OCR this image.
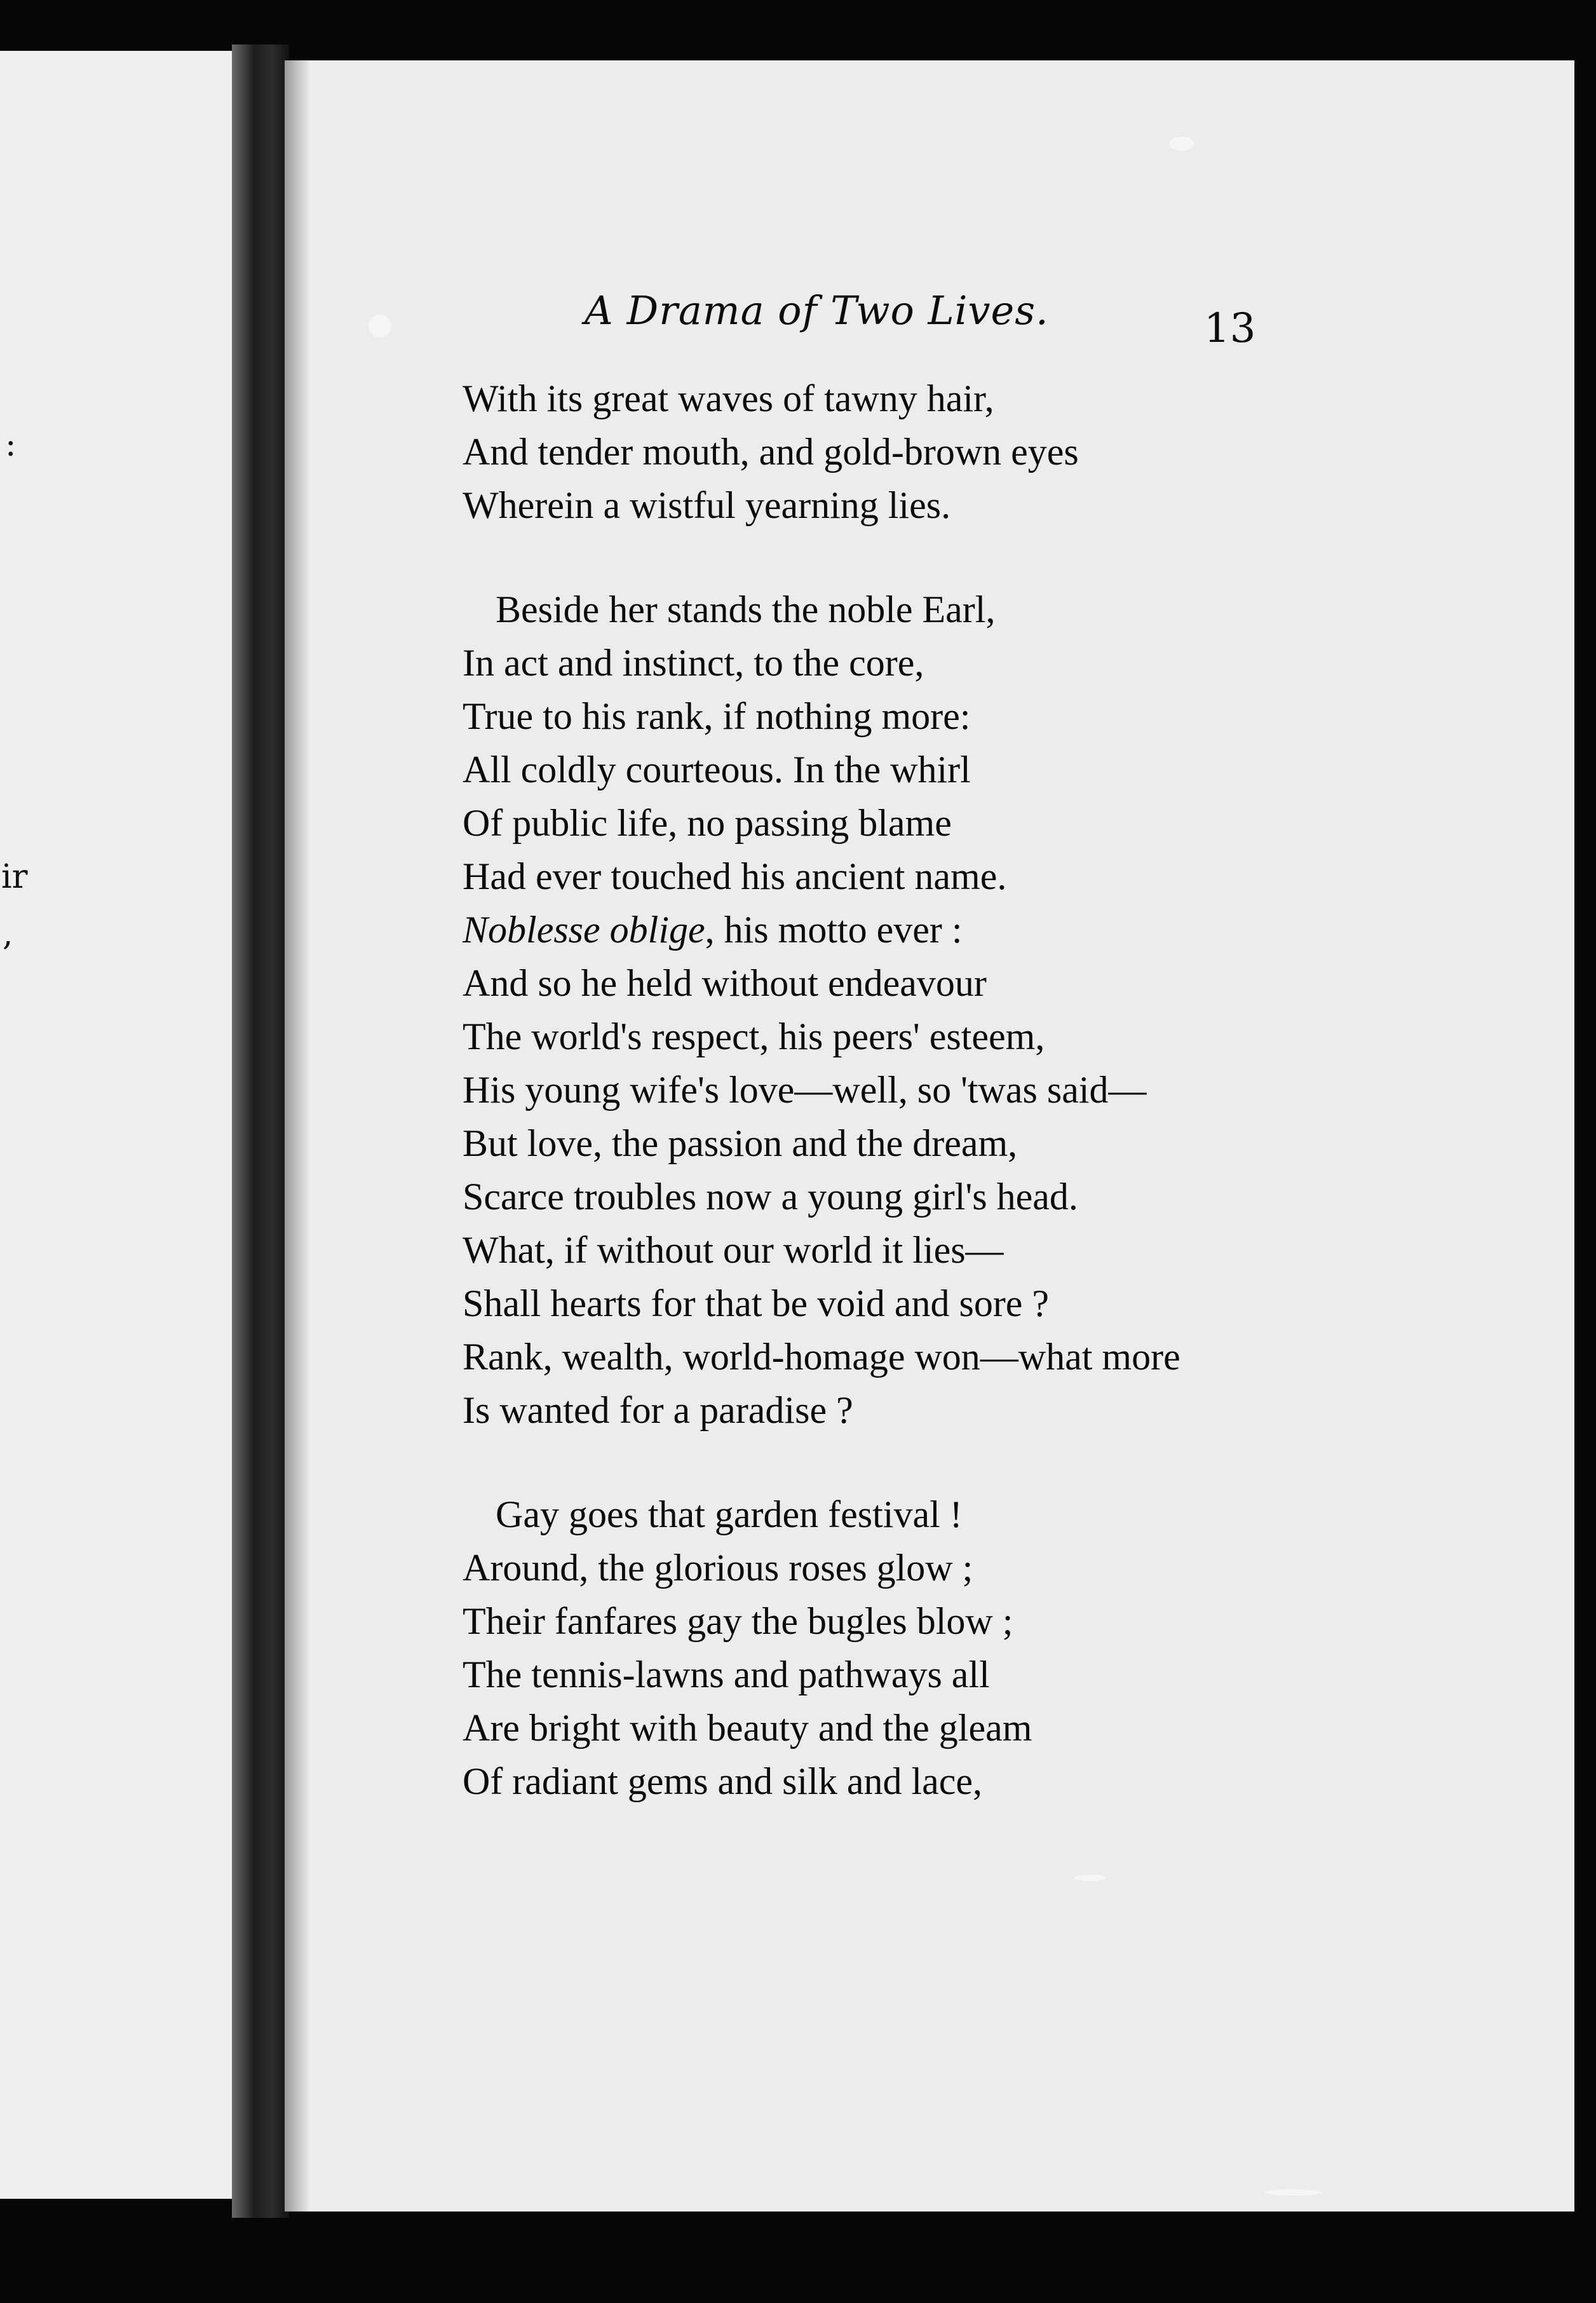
:
ir
,
A Drama of Two Lives.	13
With its great waves of tawny hair,
And tender mouth, and gold-brown eyes
Wherein a wistful yearning lies.
Beside her stands the noble Earl,
In act and instinct, to the core,
True to his rank, if nothing more:
All coldly courteous. In the whirl
Of public life, no passing blame
Had ever touched his ancient name.
Noblesse oblige, his motto ever :
And so he held without endeavour
The world's respect, his peers' esteem,
His young wife's love—well, so 'twas said—
But love, the passion and the dream,
Scarce troubles now a young girl's head.
What, if without our world it lies—
Shall hearts for that be void and sore ?
Rank, wealth, world-homage won—what more
Is wanted for a paradise ?
Gay goes that garden festival !
Around, the glorious roses glow ;
Their fanfares gay the bugles blow ;
The tennis-lawns and pathways all
Are bright with beauty and the gleam
Of radiant gems and silk and lace,
